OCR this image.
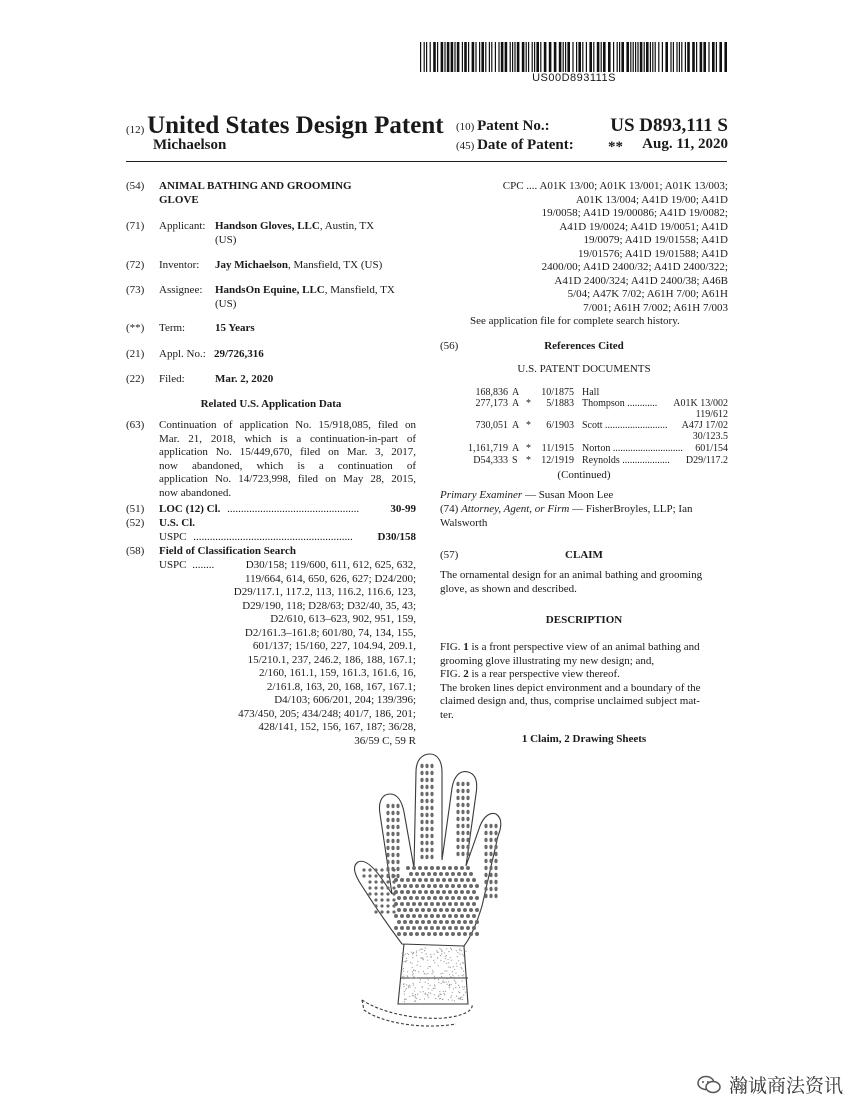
US00D893111S
(12) United States Design Patent (10) Patent No.:	US D893,111 S
Michaelson	(45) Date of Patent: **	Aug. 11, 2020
(54) ANIMAL BATHING AND GROOMING
GLOVE
(71) Applicant: Handson Gloves, LLC, Austin, TX
(US)
(72) Inventor: Jay Michaelson, Mansfield, TX (US)
(73) Assignee: HandsOn Equine, LLC, Mansfield, TX
(US)
(**) Term:	15 Years
(21) Appl. No.: 29/726,316
(22) Filed:	Mar. 2, 2020
Related U.S. Application Data
(63) Continuation of application No. 15/918,085, filed on
Mar. 21, 2018, which is a continuation-in-part of
application No. 15/449,670, filed on Mar. 3, 2017,
now abandoned, which is a continuation of
application No. 14/723,998, filed on May 28, 2015,
now abandoned.
(51) LOC (12) Cl. ................................................	30-99
(52) U.S. Cl.
USPC ..........................................................	D30/158
(58) Field of Classification Search
USPC ........	D30/158; 119/600, 611, 612, 625, 632,
119/664, 614, 650, 626, 627; D24/200;
D29/117.1, 117.2, 113, 116.2, 116.6, 123,
D29/190, 118; D28/63; D32/40, 35, 43;
D2/610, 613–623, 902, 951, 159,
D2/161.3–161.8; 601/80, 74, 134, 155,
601/137; 15/160, 227, 104.94, 209.1,
15/210.1, 237, 246.2, 186, 188, 167.1;
2/160, 161.1, 159, 161.3, 161.6, 16,
2/161.8, 163, 20, 168, 167, 167.1;
D4/103; 606/201, 204; 139/396;
473/450, 205; 434/248; 401/7, 186, 201;
428/141, 152, 156, 167, 187; 36/28,
36/59 C, 59 R
CPC .... A01K 13/00; A01K 13/001; A01K 13/003;
A01K 13/004; A41D 19/00; A41D
19/0058; A41D 19/00086; A41D 19/0082;
A41D 19/0024; A41D 19/0051; A41D
19/0079; A41D 19/01558; A41D
19/01576; A41D 19/01588; A41D
2400/00; A41D 2400/32; A41D 2400/322;
A41D 2400/324; A41D 2400/38; A46B
5/04; A47K 7/02; A61H 7/00; A61H
7/001; A61H 7/002; A61H 7/003
See application file for complete search history.
(56)	References Cited
U.S. PATENT DOCUMENTS
168,836 A 10/1875 Hall
277,173 A * 5/1883 Thompson ............ A01K 13/002
119/612
730,051 A * 6/1903 Scott ......................... A47J 17/02
30/123.5
1,161,719 A * 11/1915 Norton ............................ 601/154
D54,333 S * 12/1919 Reynolds ................... D29/117.2
(Continued)
Primary Examiner — Susan Moon Lee
(74) Attorney, Agent, or Firm — FisherBroyles, LLP; Ian
Walsworth
(57)	CLAIM
The ornamental design for an animal bathing and grooming
glove, as shown and described.
DESCRIPTION
FIG. 1 is a front perspective view of an animal bathing and
grooming glove illustrating my new design; and,
FIG. 2 is a rear perspective view thereof.
The broken lines depict environment and a boundary of the
claimed design and, thus, comprise unclaimed subject mat-
ter.
1 Claim, 2 Drawing Sheets
瀚诚商法资讯
